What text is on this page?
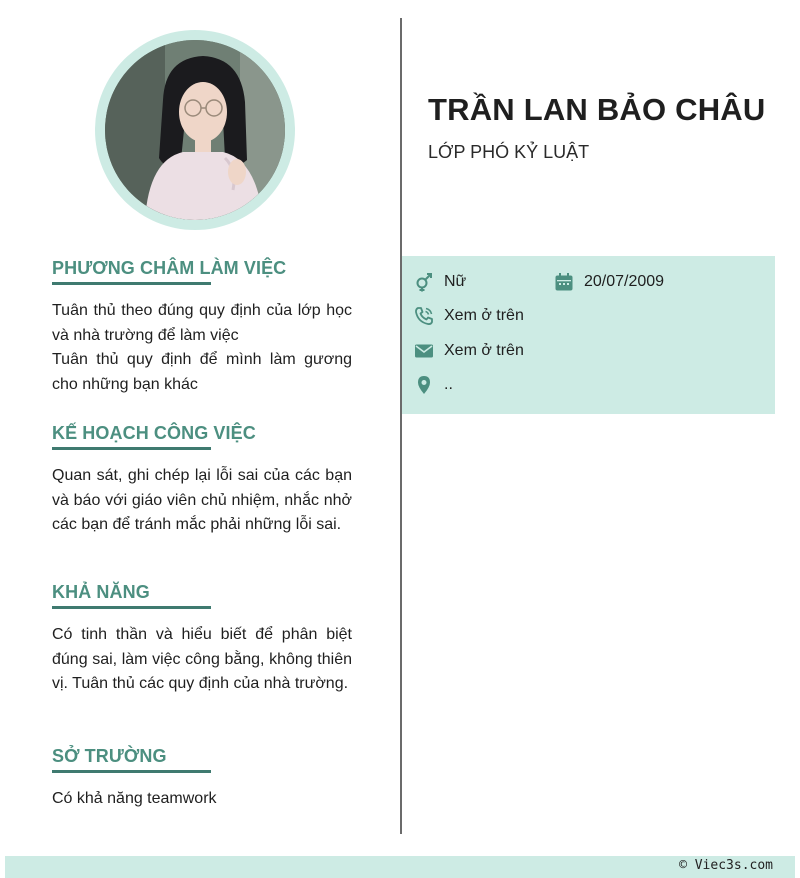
PHƯƠNG CHÂM LÀM VIỆC

Tuân thủ theo đúng quy định của lớp học và nhà trường để làm việc

Tuân thủ quy định để mình làm gương cho những bạn khác

KẾ HOẠCH CÔNG VIỆC

Quan sát, ghi chép lại lỗi sai của các bạn và báo với giáo viên chủ nhiệm, nhắc nhở các bạn để tránh mắc phải những lỗi sai.

KHẢ NĂNG

Có tinh thần và hiểu biết để phân biệt đúng sai, làm việc công bằng, không thiên vị. Tuân thủ các quy định của nhà trường.

SỞ TRƯỜNG

Có khả năng teamwork

TRẦN LAN BẢO CHÂU
LỚP PHÓ KỶ LUẬT
Nữ	20/07/2009
Xem ở trên
Xem ở trên
..
© Viec3s.com
